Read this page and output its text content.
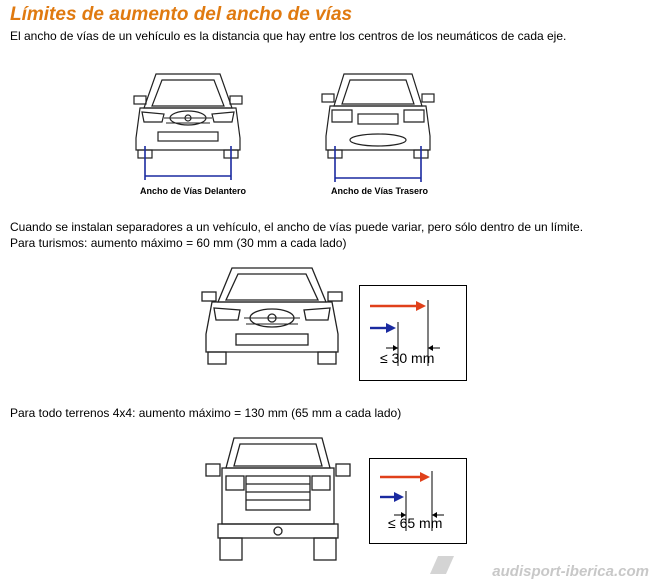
Límites de aumento del ancho de vías

El ancho de vías de un vehículo es la distancia que hay entre los centros de los neumáticos de cada eje.

Ancho de Vías Delantero	Ancho de Vías Trasero

Cuando se instalan separadores a un vehículo, el ancho de vías puede variar, pero sólo dentro de un límite.

Para turismos: aumento máximo = 60 mm (30 mm a cada lado)

≤ 30 mm

Para todo terrenos 4x4: aumento máximo = 130 mm (65 mm a cada lado)

≤ 65 mm
audisport-iberica.com
